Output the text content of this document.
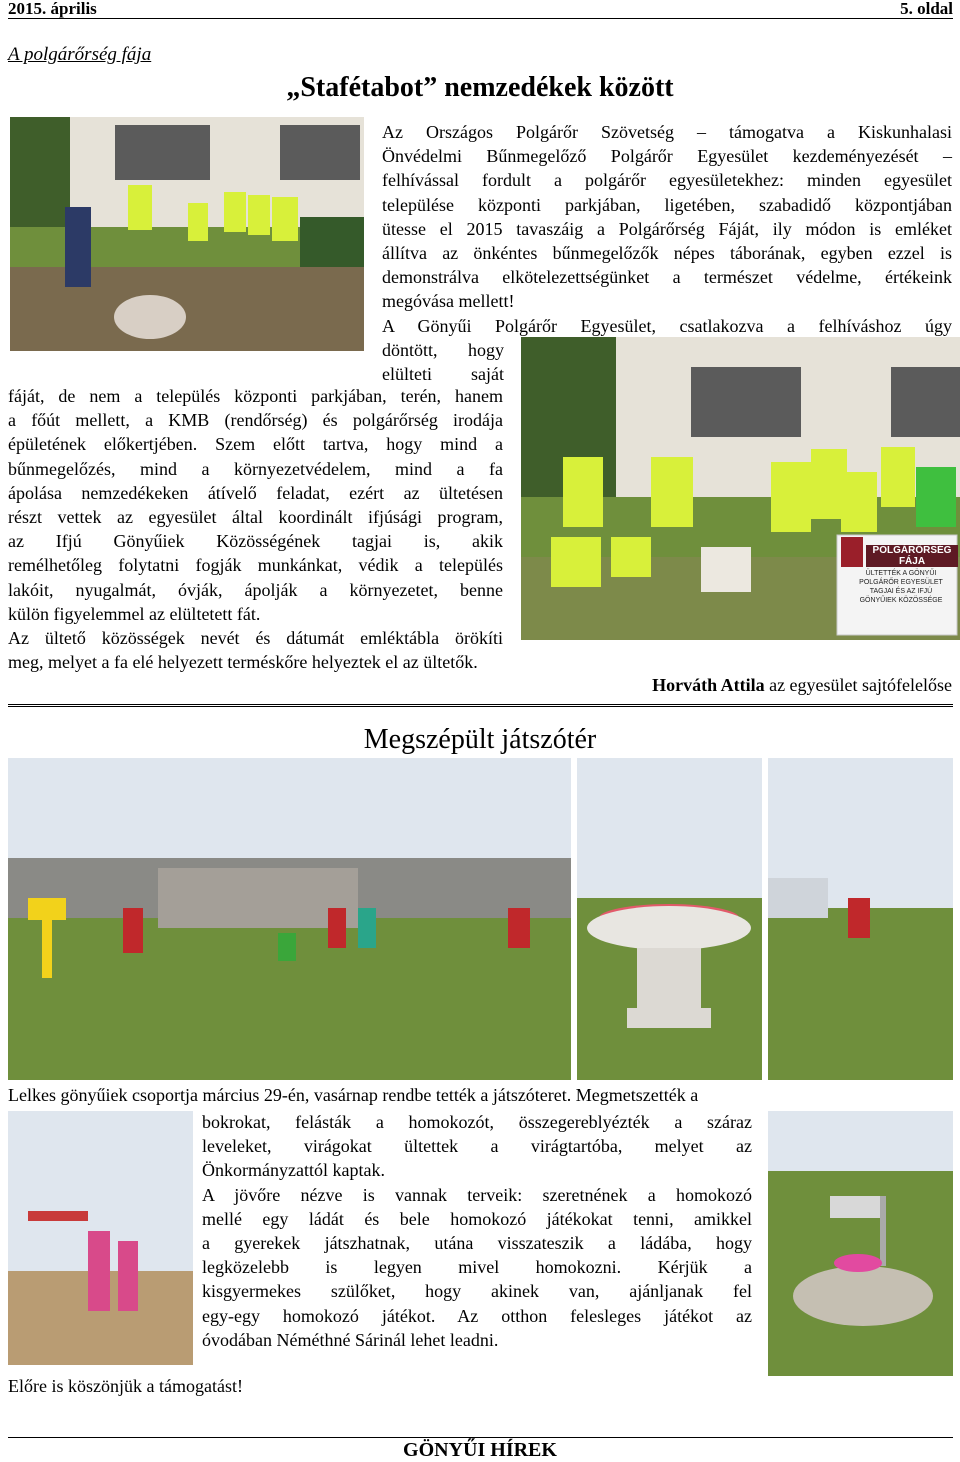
2015. április	5. oldal
A polgárőrség fája
„Stafétabot” nemzedékek között
Az Országos Polgárőr Szövetség – támogatva a Kiskunhalasi
Önvédelmi Bűnmegelőző Polgárőr Egyesület kezdeményezését –
felhívással fordult a polgárőr egyesületekhez: minden egyesület
települése központi parkjában, ligetében, szabadidő központjában
ütesse el 2015 tavaszáig a Polgárőrség Fáját, ily módon is emléket
állítva az önkéntes bűnmegelőzők népes táborának, egyben ezzel is
demonstrálva elkötelezettségünket a természet védelme, értékeink
megóvása mellett!
A Gönyűi Polgárőr Egyesület, csatlakozva a felhíváshoz úgy
döntött, hogy
elülteti saját
POLGÁRŐRSÉG FÁJA
ÜLTETTÉK A GÖNYŰI POLGÁRŐR EGYESÜLET TAGJAI ÉS AZ IFJÚ GÖNYŰIEK KÖZÖSSÉGE
fáját, de nem a település központi parkjában, terén, hanem
a főút mellett, a KMB (rendőrség) és polgárőrség irodája
épületének előkertjében. Szem előtt tartva, hogy mind a
bűnmegelőzés, mind a környezetvédelem, mind a fa
ápolása nemzedékeken átívelő feladat, ezért az ültetésen
részt vettek az egyesület által koordinált ifjúsági program,
az Ifjú Gönyűiek Közösségének tagjai is, akik
remélhetőleg folytatni fogják munkánkat, védik a település
lakóit, nyugalmát, óvják, ápolják a környezetet, benne
külön figyelemmel az elültetett fát.
Az ültető közösségek nevét és dátumát emléktábla örökíti
meg, melyet a fa elé helyezett terméskőre helyeztek el az ültetők.
Horváth Attila az egyesület sajtófelelőse
Megszépült játszótér
Lelkes gönyűiek csoportja március 29-én, vasárnap rendbe tették a játszóteret. Megmetszették a
bokrokat, felásták a homokozót, összegereblyézték a száraz
leveleket, virágokat ültettek a virágtartóba, melyet az
Önkormányzattól kaptak.
A jövőre nézve is vannak terveik: szeretnének a homokozó
mellé egy ládát és bele homokozó játékokat tenni, amikkel
a gyerekek játszhatnak, utána visszateszik a ládába, hogy
legközelebb is legyen mivel homokozni. Kérjük a
kisgyermekes szülőket, hogy akinek van, ajánljanak fel
egy-egy homokozó játékot. Az otthon felesleges játékot az
óvodában Néméthné Sárinál lehet leadni.
Előre is köszönjük a támogatást!
GÖNYŰI HÍREK
